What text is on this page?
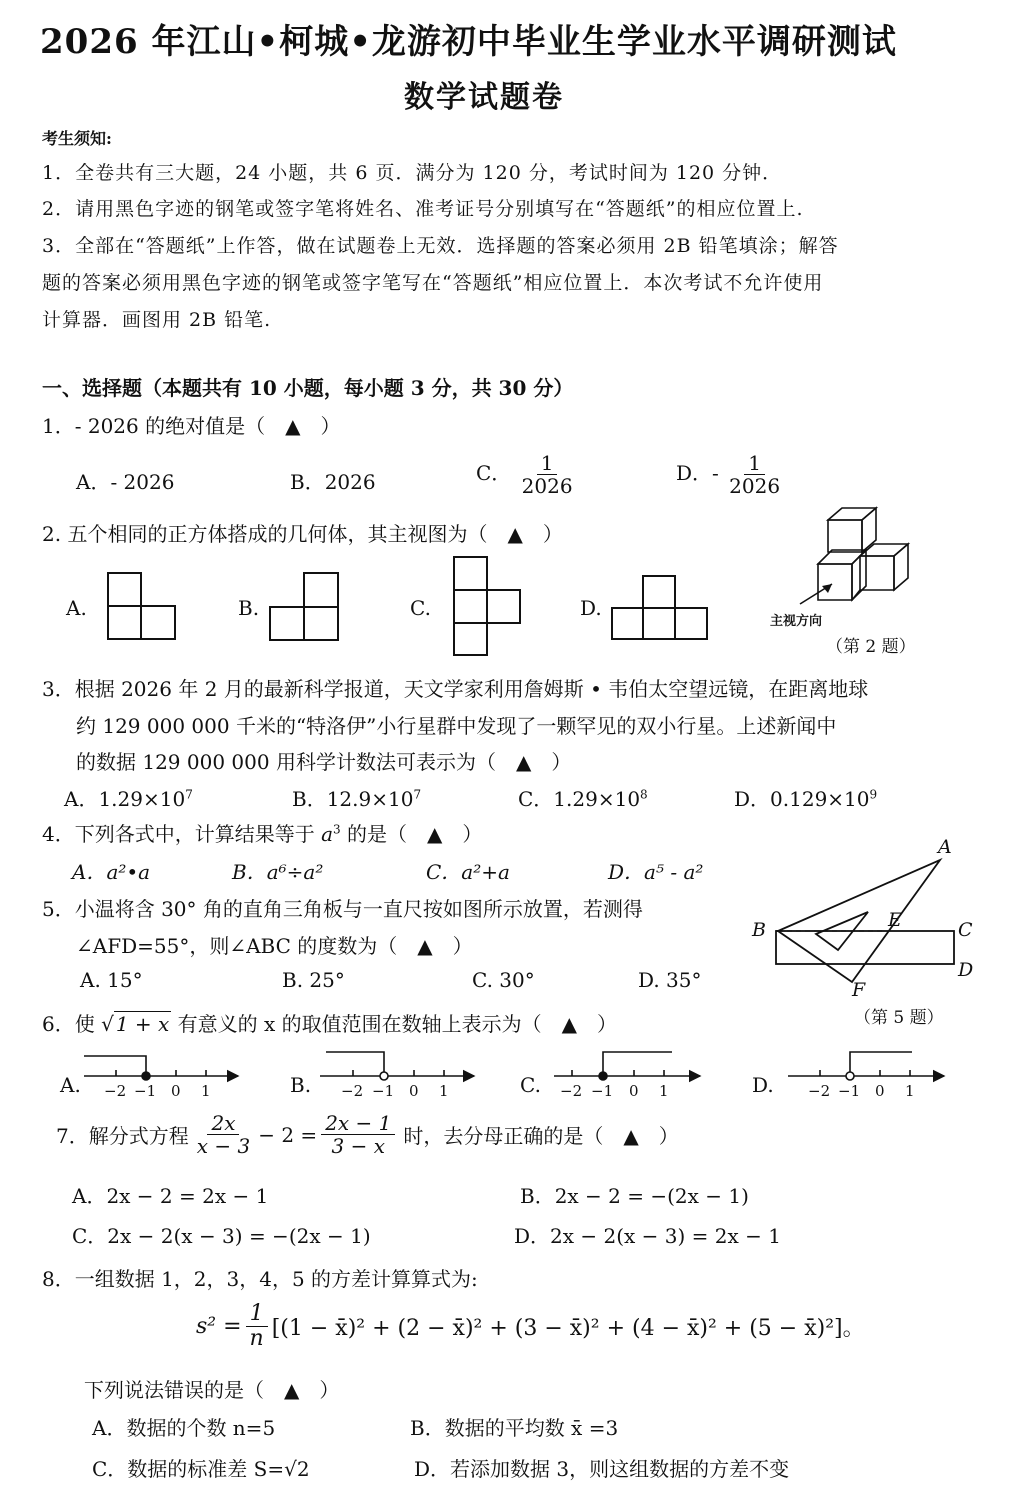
2026 年江山•柯城•龙游初中毕业生学业水平调研测试
数学试题卷
考生须知:
1．全卷共有三大题，24 小题，共 6 页．满分为 120 分，考试时间为 120 分钟．
2．请用黑色字迹的钢笔或签字笔将姓名、准考证号分别填写在“答题纸”的相应位置上.
3．全部在“答题纸”上作答，做在试题卷上无效．选择题的答案必须用 2B 铅笔填涂；解答
题的答案必须用黑色字迹的钢笔或签字笔写在“答题纸”相应位置上．本次考试不允许使用
计算器．画图用 2B 铅笔.
一、选择题（本题共有 10 小题，每小题 3 分，共 30 分）
1．- 2026 的绝对值是（　▲　）
A．- 2026	B．2026	C． $\frac{1}{2026}$	D．- $\frac{1}{2026}$
2. 五个相同的正方体搭成的几何体，其主视图为（　▲　）
A.	B.	C.	D.
主视方向
（第 2 题）
3．根据 2026 年 2 月的最新科学报道，天文学家利用詹姆斯 • 韦伯太空望远镜，在距离地球
约 129 000 000 千米的“特洛伊”小行星群中发现了一颗罕见的双小行星。上述新闻中
的数据 129 000 000 用科学计数法可表示为（　▲　）
A．$1.29\times 10^7$	B．$12.9\times 10^7$	C．$1.29\times 10^8$	D．$0.129\times 10^9$
4．下列各式中，计算结果等于 $a^3$ 的是（　▲　）
A．a²•a	B．a⁶÷a²	C．a²+a	D．a⁵ - a²
5．小温将含 30° 角的直角三角板与一直尺按如图所示放置，若测得
∠AFD=55°，则∠ABC 的度数为（　▲　）
A. 15°	B. 25°	C. 30°	D. 35°
A
B	C
D
E
F
（第 5 题）
6．使 √ 1 + x 有意义的 x 的取值范围在数轴上表示为（　▲　）
A.	B.	C.	D.
−2 −1 0 1	−2 −1 0 1	−2 −1 0 1	−2 −1 0 1
7．解分式方程 $\frac{2x}{x - 3} - 2 = \frac{2x - 1}{3 - x}$ 时，去分母正确的是（　▲　）
A．2x − 2 = 2x − 1	B．2x − 2 = −(2x − 1)
C．2x − 2(x − 3) = −(2x − 1)	D．2x − 2(x − 3) = 2x − 1
8．一组数据 1，2，3，4，5 的方差计算算式为:
$s^2 = \frac{1}{n} [(1$ − x̄)² + (2 − x̄)² + (3 − x̄)² + (4 − x̄)² + (5 − x̄)²]。
下列说法错误的是（　▲　）
A．数据的个数 n=5	B．数据的平均数 x̄ =3
C．数据的标准差 S=√2	D．若添加数据 3，则这组数据的方差不变
